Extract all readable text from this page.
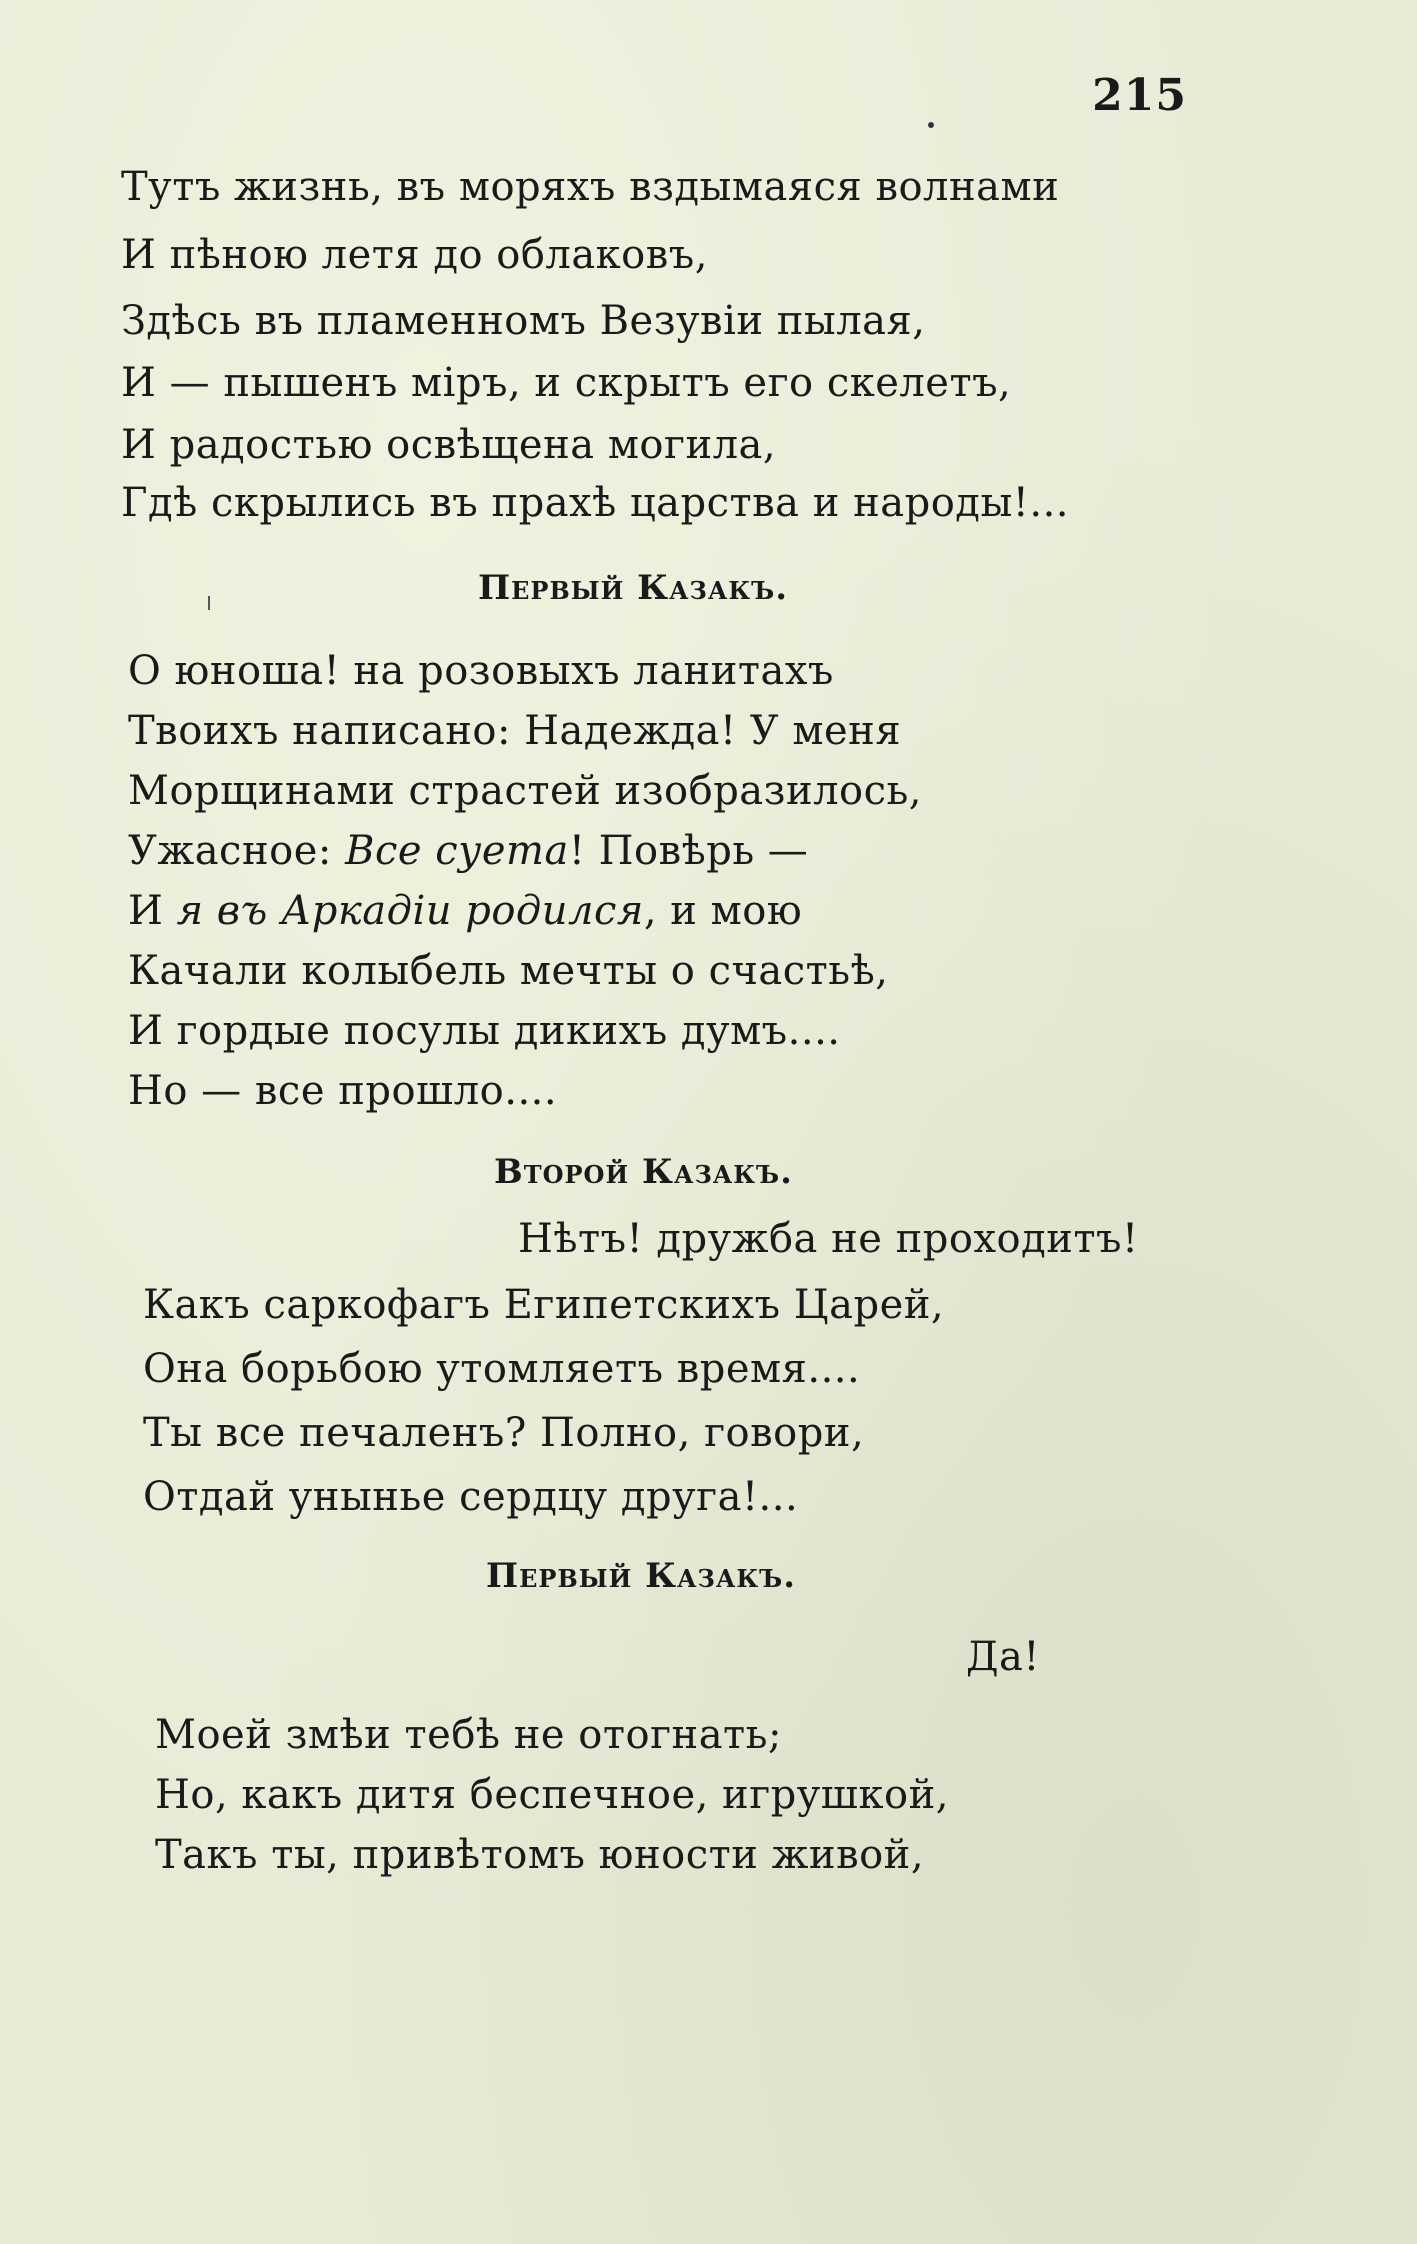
215
Тутъ жизнь, въ моряхъ вздымаяся волнами
И пѣною летя до облаковъ,
Здѣсь въ пламенномъ Везувіи пылая,
И — пышенъ міръ, и скрытъ его скелетъ,
И радостью освѣщена могила,
Гдѣ скрылись въ прахѣ царства и народы!...
Первый Казакъ.
О юноша! на розовыхъ ланитахъ
Твоихъ написано: Надежда! У меня
Морщинами страстей изобразилось,
Ужасное: Все суета! Повѣрь —
И я въ Аркадіи родился, и мою
Качали колыбель мечты о счастьѣ,
И гордые посулы дикихъ думъ....
Но — все прошло....
Второй Казакъ.
Нѣтъ! дружба не проходитъ!
Какъ саркофагъ Египетскихъ Царей,
Она борьбою утомляетъ время....
Ты все печаленъ? Полно, говори,
Отдай унынье сердцу друга!...
Первый Казакъ.
Да!
Моей змѣи тебѣ не отогнать;
Но, какъ дитя беспечное, игрушкой,
Такъ ты, привѣтомъ юности живой,
